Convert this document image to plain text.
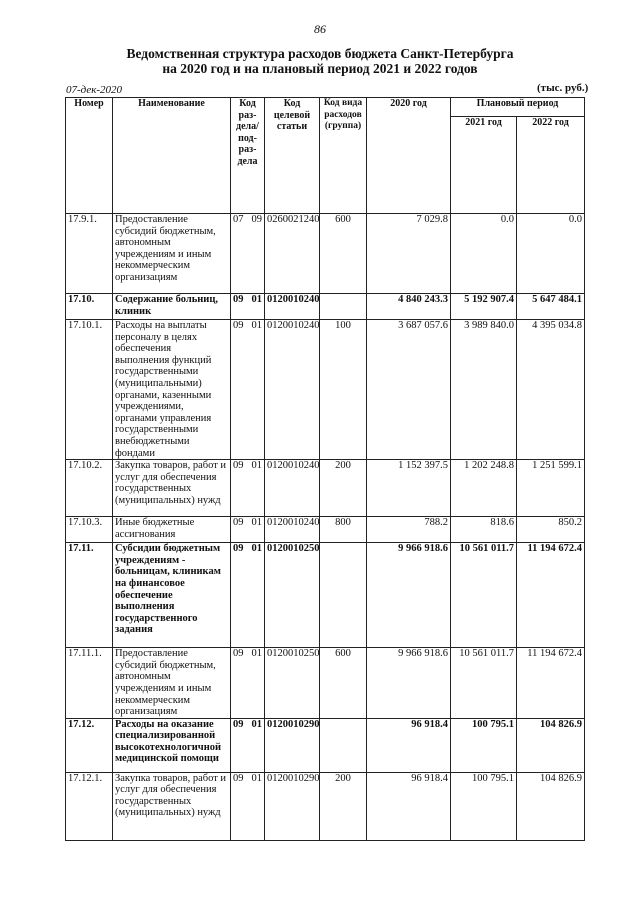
86
Ведомственная структура расходов бюджета Санкт-Петербурга
на 2020 год и на плановый период 2021 и 2022 годов
07-дек-2020	(тыс. руб.)
Номер	Наименование	Код раз-дела/ под-раз-дела	Код целевой статьи	Код вида расходов (группа)	2020 год	Плановый период	
						2021 год	2022 год
17.9.1.	Предоставление субсидий бюджетным, автономным учреждениям и иным некоммерческим организациям	07 09	0260021240	600	7 029.8	0.0	0.0
17.10.	Содержание больниц, клиник	09 01	0120010240		4 840 243.3	5 192 907.4	5 647 484.1
17.10.1.	Расходы на выплаты персоналу в целях обеспечения выполнения функций государственными (муниципальными) органами, казенными учреждениями, органами управления государственными внебюджетными фондами	09 01	0120010240	100	3 687 057.6	3 989 840.0	4 395 034.8
17.10.2.	Закупка товаров, работ и услуг для обеспечения государственных (муниципальных) нужд	09 01	0120010240	200	1 152 397.5	1 202 248.8	1 251 599.1
17.10.3.	Иные бюджетные ассигнования	09 01	0120010240	800	788.2	818.6	850.2
17.11.	Субсидии бюджетным учреждениям - больницам, клиникам на финансовое обеспечение выполнения государственного задания	09 01	0120010250		9 966 918.6	10 561 011.7	11 194 672.4
17.11.1.	Предоставление субсидий бюджетным, автономным учреждениям и иным некоммерческим организациям	09 01	0120010250	600	9 966 918.6	10 561 011.7	11 194 672.4
17.12.	Расходы на оказание специализированной высокотехнологичной медицинской помощи	09 01	0120010290		96 918.4	100 795.1	104 826.9
17.12.1.	Закупка товаров, работ и услуг для обеспечения государственных (муниципальных) нужд	09 01	0120010290	200	96 918.4	100 795.1	104 826.9
